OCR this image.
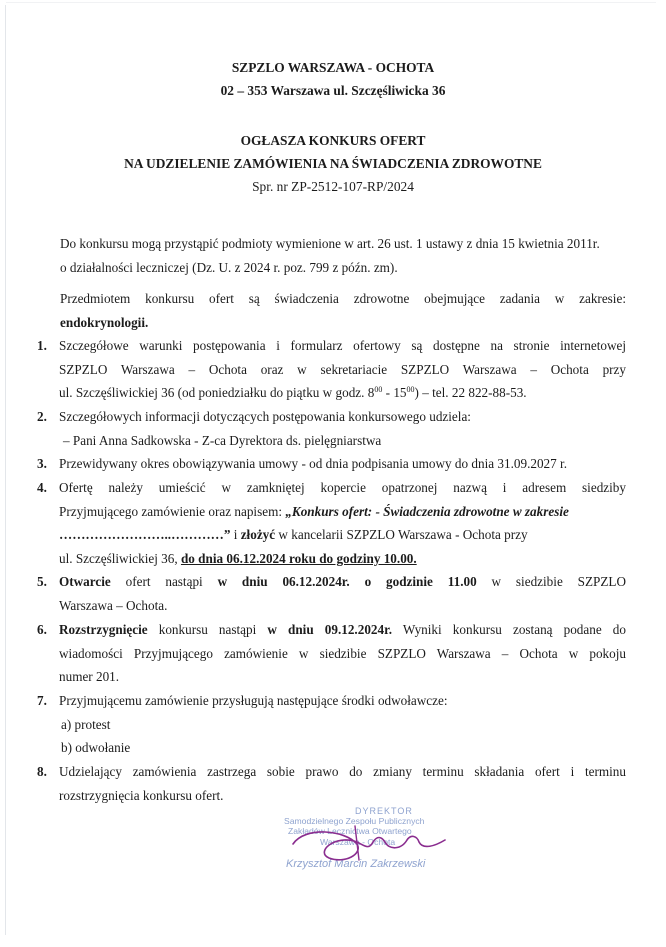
SZPZLO WARSZAWA - OCHOTA
02 – 353 Warszawa ul. Szczęśliwicka 36
OGŁASZA KONKURS OFERT
NA UDZIELENIE ZAMÓWIENIA NA ŚWIADCZENIA ZDROWOTNE
Spr. nr ZP-2512-107-RP/2024
Do konkursu mogą przystąpić podmioty wymienione w art. 26 ust. 1 ustawy z dnia 15 kwietnia 2011r.
o działalności leczniczej (Dz. U. z 2024 r. poz. 799 z późn. zm).
Przedmiotem konkursu ofert są świadczenia zdrowotne obejmujące zadania w zakresie:
endokrynologii.
1. Szczegółowe warunki postępowania i formularz ofertowy są dostępne na stronie internetowej
SZPZLO Warszawa – Ochota oraz w sekretariacie SZPZLO Warszawa – Ochota przy
ul. Szczęśliwickiej 36 (od poniedziałku do piątku w godz. $8^{00} - 15^{00}$) – tel. 22 822-88-53.
2. Szczegółowych informacji dotyczących postępowania konkursowego udziela:
– Pani Anna Sadkowska - Z-ca Dyrektora ds. pielęgniarstwa
3. Przewidywany okres obowiązywania umowy - od dnia podpisania umowy do dnia 31.09.2027 r.
4. Ofertę należy umieścić w zamkniętej kopercie opatrzonej nazwą i adresem siedziby
Przyjmującego zamówienie oraz napisem: „Konkurs ofert: - Świadczenia zdrowotne w zakresie
……………………..…………” i złożyć w kancelarii SZPZLO Warszawa - Ochota przy
ul. Szczęśliwickiej 36, do dnia 06.12.2024 roku do godziny 10.00.
5. Otwarcie ofert nastąpi w dniu 06.12.2024r. o godzinie 11.00 w siedzibie SZPZLO
Warszawa – Ochota.
6. Rozstrzygnięcie konkursu nastąpi w dniu 09.12.2024r. Wyniki konkursu zostaną podane do
wiadomości Przyjmującego zamówienie w siedzibie SZPZLO Warszawa – Ochota w pokoju
numer 201.
7. Przyjmującemu zamówienie przysługują następujące środki odwoławcze:
a) protest
b) odwołanie
8. Udzielający zamówienia zastrzega sobie prawo do zmiany terminu składania ofert i terminu
rozstrzygnięcia konkursu ofert.
DYREKTOR
Samodzielnego Zespołu Publicznych
Zakładów Lecznictwa Otwartego
Warszawa - Ochota
Krzysztof Marcin Zakrzewski
